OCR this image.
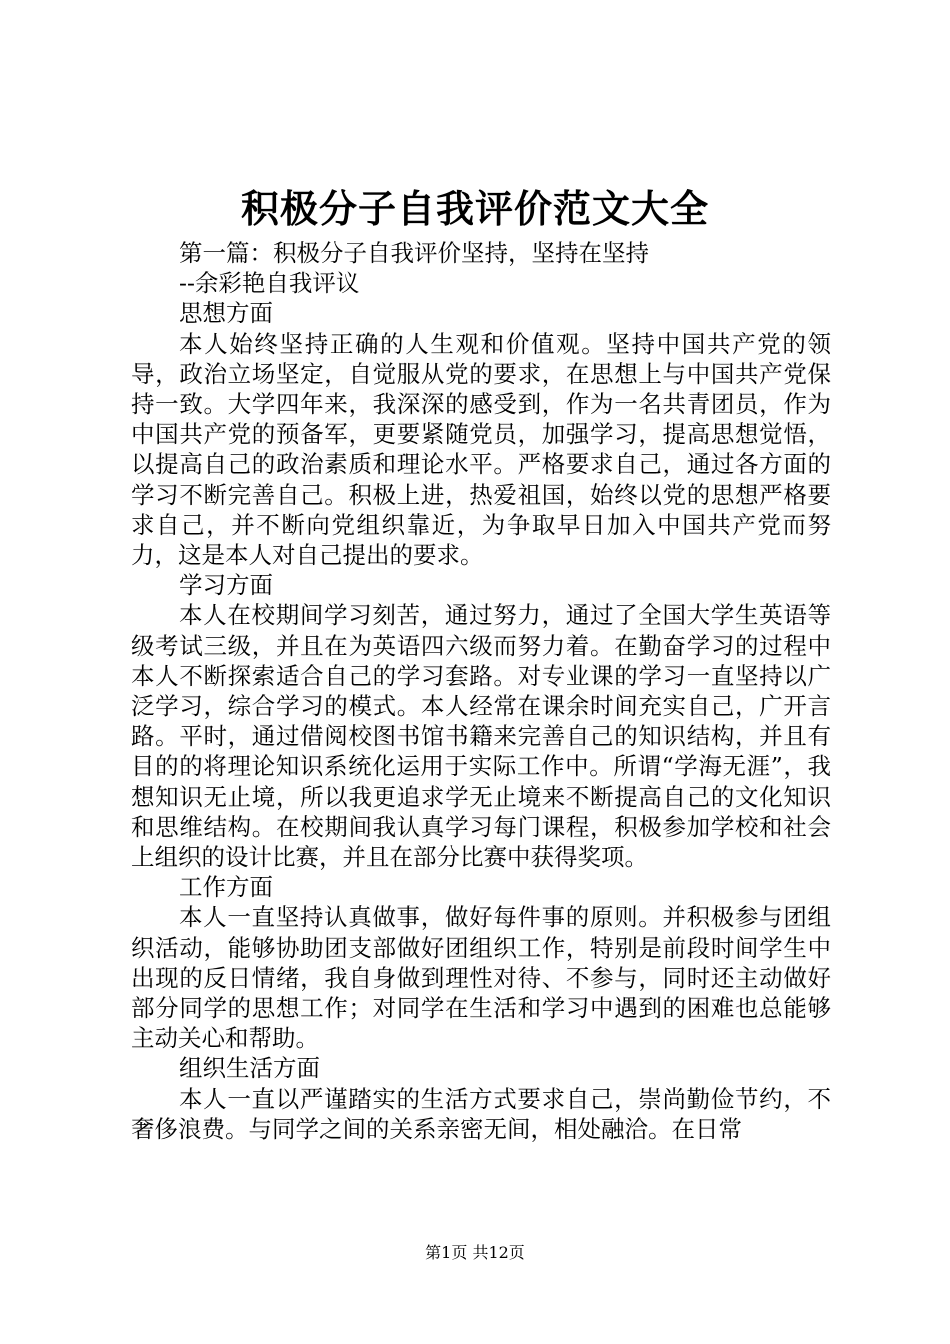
积极分子自我评价范文大全

第一篇：积极分子自我评价坚持，坚持在坚持

--余彩艳自我评议

思想方面

本人始终坚持正确的人生观和价值观。坚持中国共产党的领导，政治立场坚定，自觉服从党的要求，在思想上与中国共产党保持一致。大学四年来，我深深的感受到，作为一名共青团员，作为中国共产党的预备军，更要紧随党员，加强学习，提高思想觉悟，以提高自己的政治素质和理论水平。严格要求自己，通过各方面的学习不断完善自己。积极上进，热爱祖国，始终以党的思想严格要求自己，并不断向党组织靠近，为争取早日加入中国共产党而努力，这是本人对自己提出的要求。

学习方面

本人在校期间学习刻苦，通过努力，通过了全国大学生英语等级考试三级，并且在为英语四六级而努力着。在勤奋学习的过程中本人不断探索适合自己的学习套路。对专业课的学习一直坚持以广泛学习，综合学习的模式。本人经常在课余时间充实自己，广开言路。平时，通过借阅校图书馆书籍来完善自己的知识结构，并且有目的的将理论知识系统化运用于实际工作中。所谓“学海无涯”，我想知识无止境，所以我更追求学无止境来不断提高自己的文化知识和思维结构。在校期间我认真学习每门课程，积极参加学校和社会上组织的设计比赛，并且在部分比赛中获得奖项。

工作方面

本人一直坚持认真做事，做好每件事的原则。并积极参与团组织活动，能够协助团支部做好团组织工作，特别是前段时间学生中出现的反日情绪，我自身做到理性对待、不参与，同时还主动做好部分同学的思想工作；对同学在生活和学习中遇到的困难也总能够主动关心和帮助。

组织生活方面

本人一直以严谨踏实的生活方式要求自己，崇尚勤俭节约，不奢侈浪费。与同学之间的关系亲密无间，相处融洽。在日常

第1页 共12页
